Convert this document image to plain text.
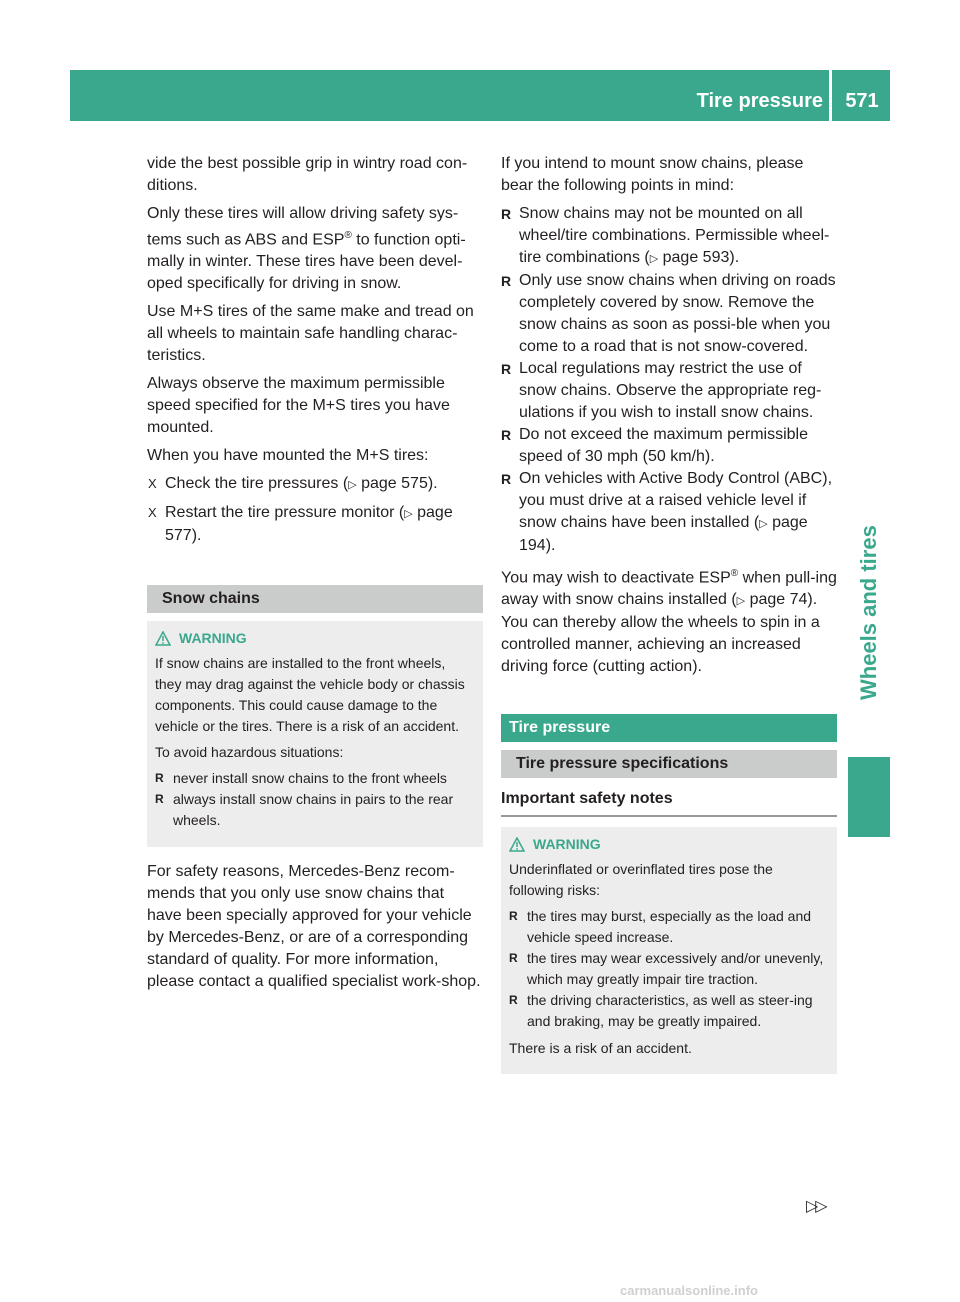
Tire pressure	571
Wheels and tires

vide the best possible grip in wintry road con-ditions.

Only these tires will allow driving safety sys-tems such as ABS and ESP® to function opti-mally in winter. These tires have been devel-oped specifically for driving in snow.

Use M+S tires of the same make and tread on all wheels to maintain safe handling charac-teristics.

Always observe the maximum permissible speed specified for the M+S tires you have mounted.

When you have mounted the M+S tires:

X Check the tire pressures (▷ page 575).
X Restart the tire pressure monitor (▷ page 577).
Snow chains
WARNING

If snow chains are installed to the front wheels, they may drag against the vehicle body or chassis components. This could cause damage to the vehicle or the tires. There is a risk of an accident.

To avoid hazardous situations:

R never install snow chains to the front wheels
R always install snow chains in pairs to the rear wheels.

For safety reasons, Mercedes-Benz recom-mends that you only use snow chains that have been specially approved for your vehicle by Mercedes-Benz, or are of a corresponding standard of quality. For more information, please contact a qualified specialist work-shop.

If you intend to mount snow chains, please bear the following points in mind:

R Snow chains may not be mounted on all wheel/tire combinations. Permissible wheel-tire combinations (▷ page 593).
R Only use snow chains when driving on roads completely covered by snow. Remove the snow chains as soon as possi-ble when you come to a road that is not snow-covered.
R Local regulations may restrict the use of snow chains. Observe the appropriate reg-ulations if you wish to install snow chains.
R Do not exceed the maximum permissible speed of 30 mph (50 km/h).
R On vehicles with Active Body Control (ABC), you must drive at a raised vehicle level if snow chains have been installed (▷ page 194).

You may wish to deactivate ESP® when pull-ing away with snow chains installed (▷ page 74). You can thereby allow the wheels to spin in a controlled manner, achieving an increased driving force (cutting action).

Tire pressure
Tire pressure specifications
Important safety notes
WARNING

Underinflated or overinflated tires pose the following risks:

R the tires may burst, especially as the load and vehicle speed increase.
R the tires may wear excessively and/or unevenly, which may greatly impair tire traction.
R the driving characteristics, as well as steer-ing and braking, may be greatly impaired.

There is a risk of an accident.

▷▷
carmanualsonline.info
